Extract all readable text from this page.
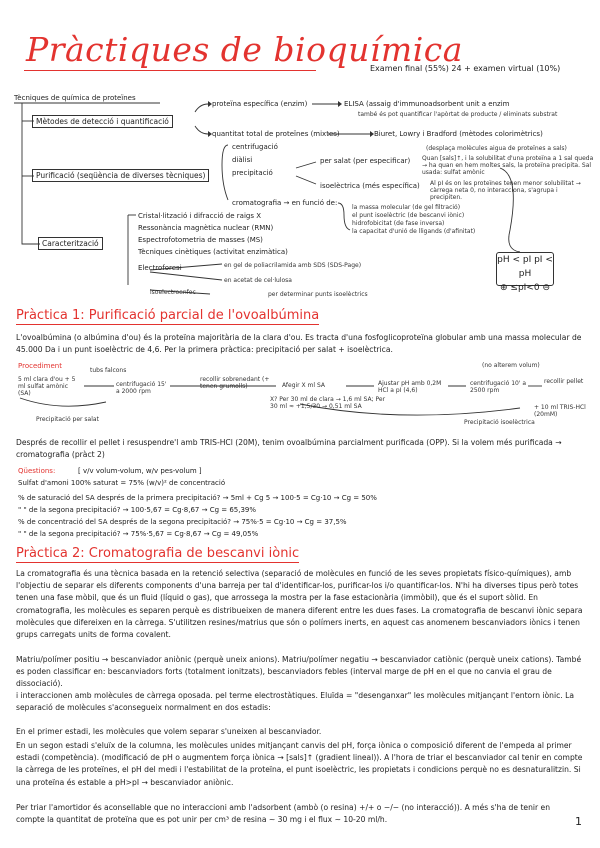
Pràctiques de bioquímica
Examen final (55%) 24 + examen virtual (10%)
Tècniques de química de proteïnes
Mètodes de detecció i quantificació
proteïna específica (enzim)	ELISA (assaig d'immunoadsorbent unit a enzim
també és pot quantificar l'apòrtat de producte / eliminats substrat
quantitat total de proteïnes (mixtes)	Biuret, Lowry i Bradford (mètodes colorimètrics)
Purificació (seqüència de diverses tècniques)
centrifugació
diàlisi
precipitació
cromatografia → en funció de:
per salat (per especificar)
(desplaça molècules aigua de proteïnes a sals)
Quan [sals]↑, i la solubilitat d'una proteïna a 1 sal queda → ha quan en hem moltes sals, la proteïna precipita. Sal usada: sulfat amònic
isoelèctrica (més específica) Al pI és on les proteïnes tenen menor solubilitat → càrrega neta 0, no interacciona, s'agrupa i precipiten.
la massa molecular (de gel filtració)
el punt isoelèctric (de bescanvi iònic)
hidrofobicitat (de fase inversa)
la capacitat d'unió de lligands (d'afinitat)
Caracterització
Cristal·lització i difracció de raigs X
Ressonància magnètica nuclear (RMN)
Espectrofotometria de masses (MS)
Tècniques cinètiques (activitat enzimàtica)
Electroforesi	en gel de poliacrilamida amb SDS (SDS-Page)
en acetat de cel·lulosa
isoelectroenfoc	per determinar punts isoelèctrics
pH < pI pI < pH
⊕ ≤pI<0 ⊖
Pràctica 1: Purificació parcial de l'ovoalbúmina
L'ovoalbúmina (o albúmina d'ou) és la proteïna majoritària de la clara d'ou. Es tracta d'una fosfoglicoproteïna globular amb una massa molecular de 45.000 Da i un punt isoelèctric de 4,6. Per la primera pràctica: precipitació per salat + isoelèctrica.
Procediment
5 ml clara d'ou + 5 ml sulfat amònic (SA)
centrifugació 15' a 2000 rpm
Afegir X ml SA	Ajustar pH amb 0,2M HCl a pI (4,6)
centrifugació 10' a 2500 rpm
recollir pellet
tubs falcons
recollir sobrenedant (+ tenen grumolls)
X? Per 30 ml de clara → 1,6 ml SA; Per 30 ml ≈ +1,5/30 → 0,51 ml SA
(no alterem volum)
+ 10 ml TRIS-HCl (20mM)
Precipitació per salat	Precipitació isoelèctrica
Després de recollir el pellet i resuspendre'l amb TRIS-HCl (20M), tenim ovoalbúmina parcialment purificada (OPP). Si la volem més purificada → cromatografia (pràct 2)
Qüestions:	[ v/v volum-volum, w/v pes-volum ]
Sulfat d'amoni 100% saturat = 75% (w/v)² de concentració
% de saturació del SA després de la primera precipitació? → 5ml + Cg 5 → 100·5 = Cg·10 → Cg = 50%
" " de la segona precipitació? → 100·5,67 = Cg·8,67 → Cg = 65,39%
% de concentració del SA després de la segona precipitació? → 75%·5 = Cg·10 → Cg = 37,5%
" " de la segona precipitació? → 75%·5,67 = Cg·8,67 → Cg = 49,05%
Pràctica 2: Cromatografia de bescanvi iònic
La cromatografia és una tècnica basada en la retenció selectiva (separació de molècules en funció de les seves propietats físico-químiques), amb l'objectiu de separar els diferents components d'una barreja per tal d'identificar-los, purificar-los i/o quantificar-los. N'hi ha diverses tipus però totes tenen una fase mòbil, que és un fluid (líquid o gas), que arrossega la mostra per la fase estacionària (immòbil), que és el suport sòlid. En cromatografia, les molècules es separen perquè es distribueixen de manera diferent entre les dues fases. La cromatografia de bescanvi iònic separa molècules que difereixen en la càrrega. S'utilitzen resines/matrius que són o polímers inerts, en aquest cas anomenem bescanviadors iònics i tenen grups carregats units de forma covalent.
Matriu/polímer positiu → bescanviador aniònic (perquè uneix anions). Matriu/polímer negatiu → bescanviador catiònic (perquè uneix cations). També es poden classificar en: bescanviadors forts (totalment ionitzats), bescanviadors febles (interval marge de pH en el que no canvia el grau de dissociació).
i interaccionen amb molècules de càrrega oposada. pel terme electrostàtiques. Eluïda = "desenganxar" les molècules mitjançant l'entorn iònic. La separació de molècules s'aconsegueix normalment en dos estadis:
En el primer estadi, les molècules que volem separar s'uneixen al bescanviador.
En un segon estadi s'eluïx de la columna, les molècules unides mitjançant canvis del pH, força iònica o composició diferent de l'empeda al primer estadi (competència). (modificació de pH o augmentem força iònica → [sals]↑ (gradient lineal)). A l'hora de triar el bescanviador cal tenir en compte la càrrega de les proteïnes, el pH del medi i l'estabilitat de la proteïna, el punt isoelèctric, les propietats i condicions perquè no es desnaturalitzin. Si una proteïna és estable a pH>pI → bescanviador aniònic.
Per triar l'amortidor és aconsellable que no interaccioni amb l'adsorbent (ambò (o resina) +/+ o −/− (no interacció)). A més s'ha de tenir en compte la quantitat de proteïna que es pot unir per cm³ de resina ~ 30 mg i el flux ~ 10-20 ml/h.	1
